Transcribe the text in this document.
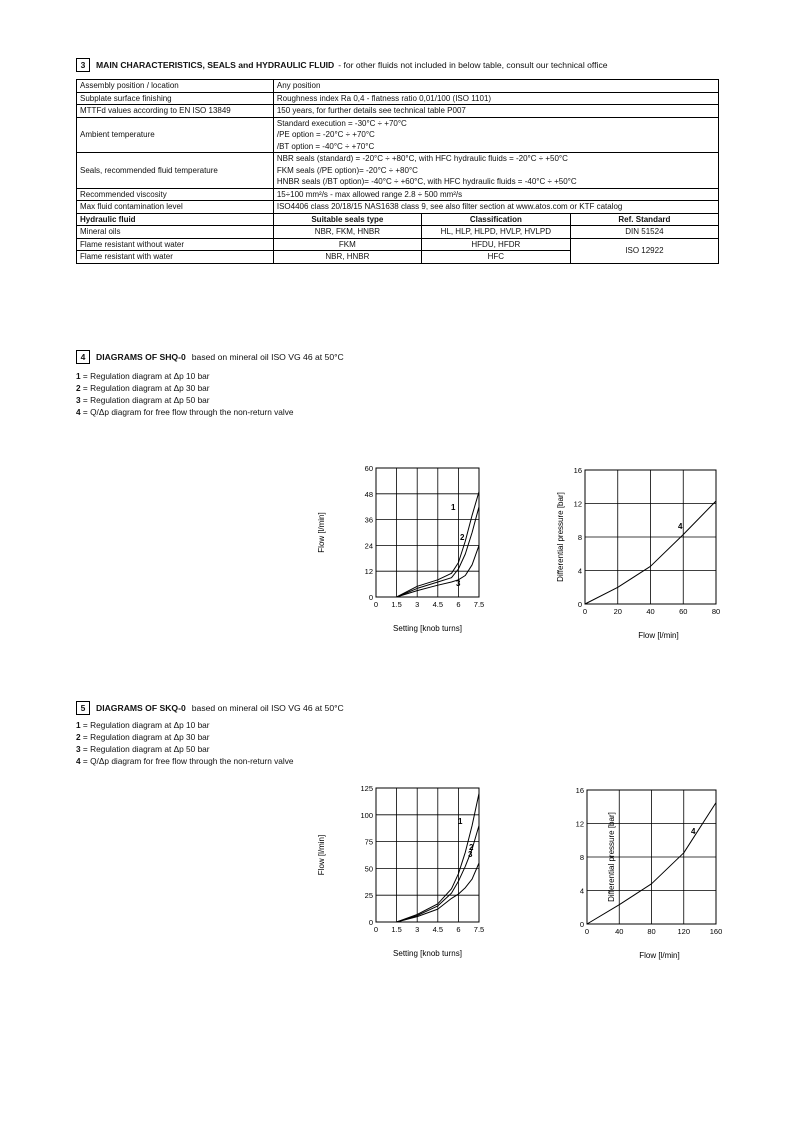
3	MAIN CHARACTERISTICS, SEALS and HYDRAULIC FLUID - for other fluids not included in below table, consult our technical office
Assembly position / location	Any position		

Subplate surface finishing	Roughness index Ra 0,4 - flatness ratio 0,01/100 (ISO 1101)		

MTTFd values according to EN ISO 13849	150 years, for further details see technical table P007		

Ambient temperature	Standard execution = -30°C ÷ +70°C
/PE option = -20°C ÷ +70°C
/BT option = -40°C ÷ +70°C		

Seals, recommended fluid temperature	NBR seals (standard) = -20°C ÷ +80°C, with HFC hydraulic fluids = -20°C ÷ +50°C
FKM seals (/PE option)= -20°C ÷ +80°C
HNBR seals (/BT option)= -40°C ÷ +60°C, with HFC hydraulic fluids = -40°C ÷ +50°C		

Recommended viscosity	15÷100 mm²/s - max allowed range 2.8 ÷ 500 mm²/s		

Max fluid contamination level	ISO4406 class 20/18/15 NAS1638 class 9, see also filter section at www.atos.com or KTF catalog		

Hydraulic fluid	Suitable seals type	Classification	Ref. Standard
Mineral oils	NBR, FKM, HNBR	HL, HLP, HLPD, HVLP, HVLPD	DIN 51524
Flame resistant without water	FKM	HFDU, HFDR	ISO 12922
Flame resistant with water	NBR, HNBR	HFC	
4	DIAGRAMS OF SHQ-0 based on mineral oil ISO VG 46 at 50°C
1 = Regulation diagram at Δp 10 bar
2 = Regulation diagram at Δp 30 bar
3 = Regulation diagram at Δp 50 bar
4 = Q/Δp diagram for free flow through the non-return valve
0 1.5 3 4.5 6 7.5
0
12
24
36
48
60
Setting [knob turns]
Flow [l/min]
1
2
3
0	20	40	60	80
0
4
8
12
16
Flow [l/min]
Differential pressure [bar]	4
5	DIAGRAMS OF SKQ-0 based on mineral oil ISO VG 46 at 50°C
1 = Regulation diagram at Δp 10 bar
2 = Regulation diagram at Δp 30 bar
3 = Regulation diagram at Δp 50 bar
4 = Q/Δp diagram for free flow through the non-return valve
0 1.5 3 4.5 6 7.5
0
25
50
75
100
125
Setting [knob turns]
Flow [l/min]
1
2
3
0	40	80	120	160
0
4
8
12
16
Flow [l/min]
Differential pressure [bar]	4
